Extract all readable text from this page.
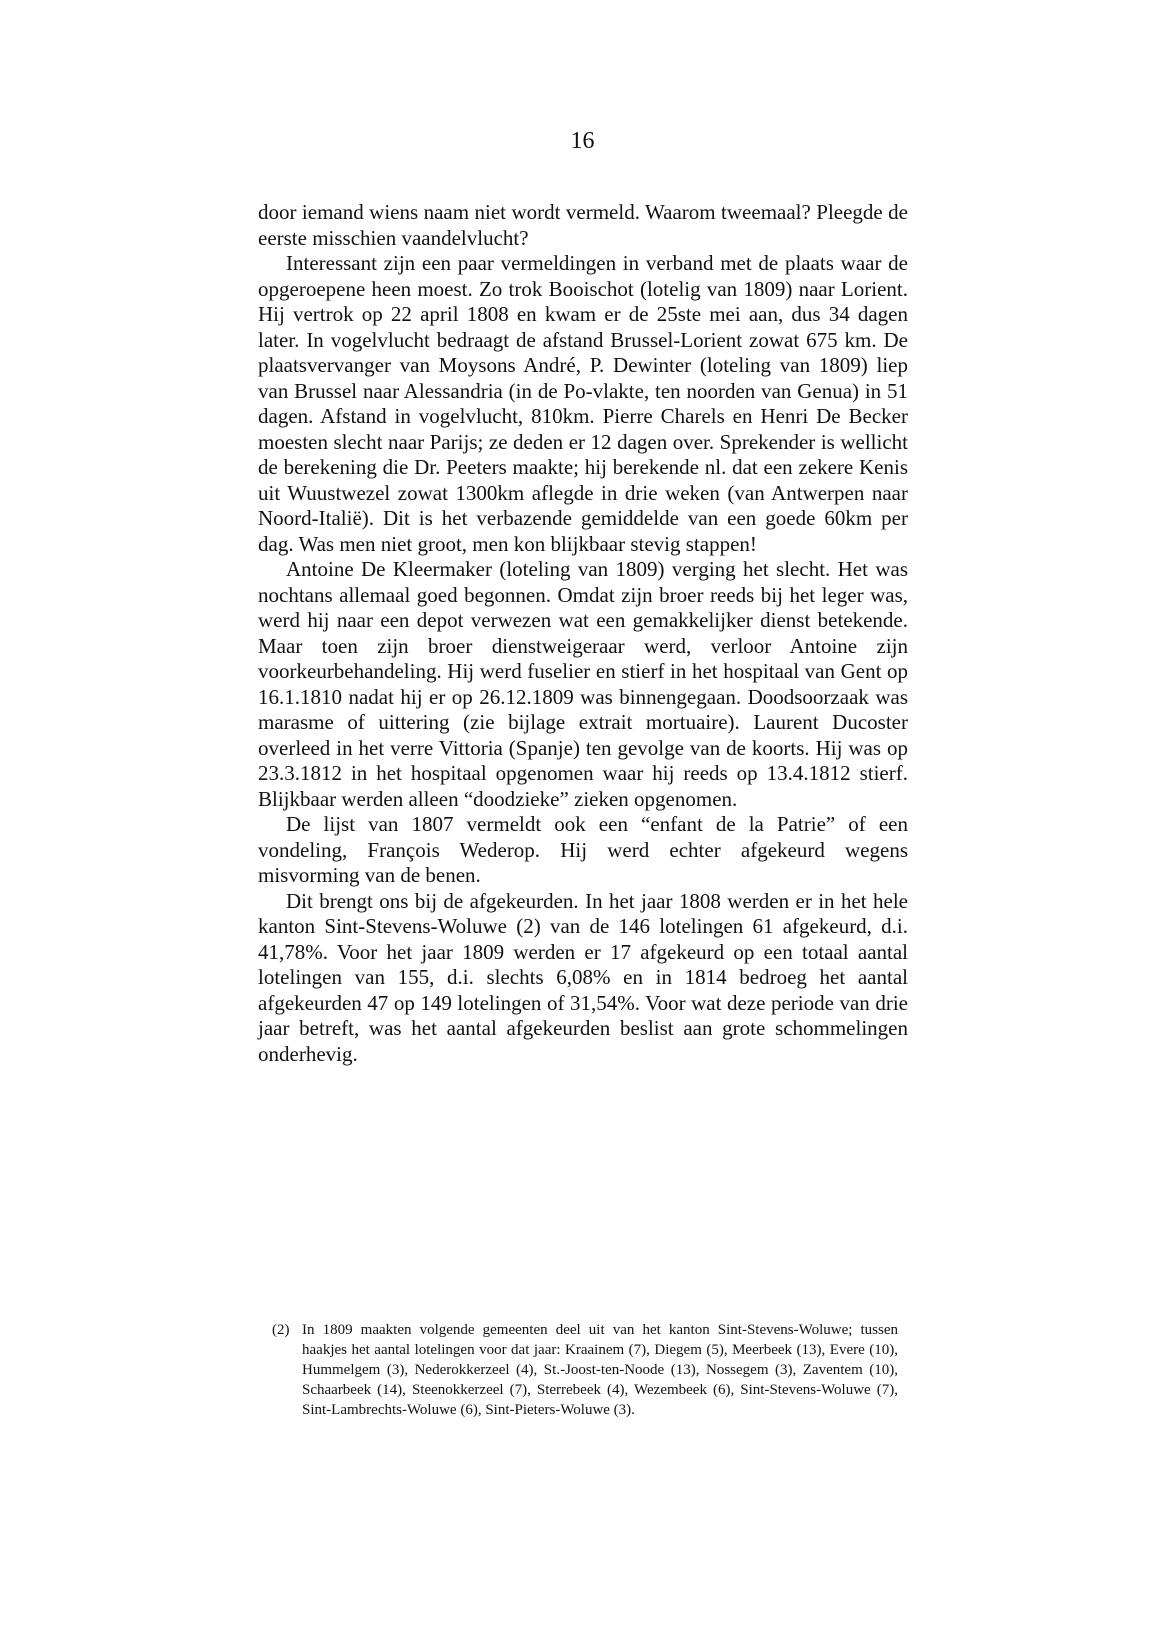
16

door iemand wiens naam niet wordt vermeld. Waarom tweemaal? Pleegde de eerste misschien vaandelvlucht?

Interessant zijn een paar vermeldingen in verband met de plaats waar de opgeroepene heen moest. Zo trok Booischot (lotelig van 1809) naar Lorient. Hij vertrok op 22 april 1808 en kwam er de 25ste mei aan, dus 34 dagen later. In vogelvlucht bedraagt de afstand Brussel-Lorient zowat 675 km. De plaatsvervanger van Moysons André, P. Dewinter (loteling van 1809) liep van Brussel naar Alessandria (in de Po-vlakte, ten noorden van Genua) in 51 dagen. Afstand in vogelvlucht, 810km. Pierre Charels en Henri De Becker moesten slecht naar Parijs; ze deden er 12 dagen over. Sprekender is wellicht de berekening die Dr. Peeters maakte; hij berekende nl. dat een zekere Kenis uit Wuustwezel zowat 1300km aflegde in drie weken (van Antwerpen naar Noord-Italië). Dit is het verbazende gemiddelde van een goede 60km per dag. Was men niet groot, men kon blijkbaar stevig stappen!

Antoine De Kleermaker (loteling van 1809) verging het slecht. Het was nochtans allemaal goed begonnen. Omdat zijn broer reeds bij het leger was, werd hij naar een depot verwezen wat een gemakkelijker dienst betekende. Maar toen zijn broer dienstweigeraar werd, verloor Antoine zijn voorkeurbehandeling. Hij werd fuselier en stierf in het hospitaal van Gent op 16.1.1810 nadat hij er op 26.12.1809 was binnengegaan. Doodsoorzaak was marasme of uittering (zie bijlage extrait mortuaire). Laurent Ducoster overleed in het verre Vittoria (Spanje) ten gevolge van de koorts. Hij was op 23.3.1812 in het hospitaal opgenomen waar hij reeds op 13.4.1812 stierf. Blijkbaar werden alleen “doodzieke” zieken opgenomen.

De lijst van 1807 vermeldt ook een “enfant de la Patrie” of een vondeling, François Wederop. Hij werd echter afgekeurd wegens misvorming van de benen.

Dit brengt ons bij de afgekeurden. In het jaar 1808 werden er in het hele kanton Sint-Stevens-Woluwe (2) van de 146 lotelingen 61 afgekeurd, d.i. 41,78%. Voor het jaar 1809 werden er 17 afgekeurd op een totaal aantal lotelingen van 155, d.i. slechts 6,08% en in 1814 bedroeg het aantal afgekeurden 47 op 149 lotelingen of 31,54%. Voor wat deze periode van drie jaar betreft, was het aantal afgekeurden beslist aan grote schommelingen onderhevig.

(2) In 1809 maakten volgende gemeenten deel uit van het kanton Sint-Stevens-Woluwe; tussen haakjes het aantal lotelingen voor dat jaar: Kraainem (7), Diegem (5), Meerbeek (13), Evere (10), Hummelgem (3), Nederokkerzeel (4), St.-Joost-ten-Noode (13), Nossegem (3), Zaventem (10), Schaarbeek (14), Steenokkerzeel (7), Sterrebeek (4), Wezembeek (6), Sint-Stevens-Woluwe (7), Sint-Lambrechts-Woluwe (6), Sint-Pieters-Woluwe (3).
